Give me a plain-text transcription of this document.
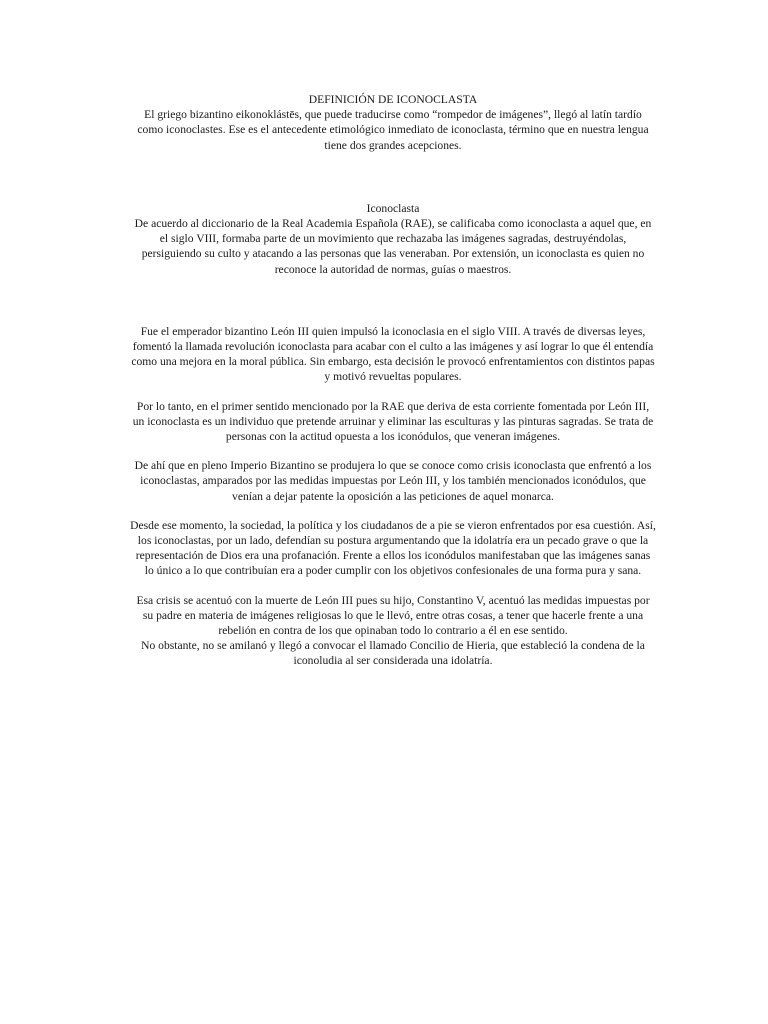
DEFINICIÓN DE ICONOCLASTA

El griego bizantino eikonoklástēs, que puede traducirse como “rompedor de imágenes”, llegó al latín tardío como iconoclastes. Ese es el antecedente etimológico inmediato de iconoclasta, término que en nuestra lengua tiene dos grandes acepciones.

Iconoclasta

De acuerdo al diccionario de la Real Academia Española (RAE), se calificaba como iconoclasta a aquel que, en el siglo VIII, formaba parte de un movimiento que rechazaba las imágenes sagradas, destruyéndolas, persiguiendo su culto y atacando a las personas que las veneraban. Por extensión, un iconoclasta es quien no reconoce la autoridad de normas, guías o maestros.

Fue el emperador bizantino León III quien impulsó la iconoclasia en el siglo VIII. A través de diversas leyes, fomentó la llamada revolución iconoclasta para acabar con el culto a las imágenes y así lograr lo que él entendía como una mejora en la moral pública. Sin embargo, esta decisión le provocó enfrentamientos con distintos papas y motivó revueltas populares.

Por lo tanto, en el primer sentido mencionado por la RAE que deriva de esta corriente fomentada por León III, un iconoclasta es un individuo que pretende arruinar y eliminar las esculturas y las pinturas sagradas. Se trata de personas con la actitud opuesta a los iconódulos, que veneran imágenes.

De ahí que en pleno Imperio Bizantino se produjera lo que se conoce como crisis iconoclasta que enfrentó a los iconoclastas, amparados por las medidas impuestas por León III, y los también mencionados iconódulos, que venían a dejar patente la oposición a las peticiones de aquel monarca.

Desde ese momento, la sociedad, la política y los ciudadanos de a pie se vieron enfrentados por esa cuestión. Así, los iconoclastas, por un lado, defendían su postura argumentando que la idolatría era un pecado grave o que la representación de Dios era una profanación. Frente a ellos los iconódulos manifestaban que las imágenes sanas lo único a lo que contribuían era a poder cumplir con los objetivos confesionales de una forma pura y sana.

Esa crisis se acentuó con la muerte de León III pues su hijo, Constantino V, acentuó las medidas impuestas por su padre en materia de imágenes religiosas lo que le llevó, entre otras cosas, a tener que hacerle frente a una rebelión en contra de los que opinaban todo lo contrario a él en ese sentido.

No obstante, no se amilanó y llegó a convocar el llamado Concilio de Hieria, que estableció la condena de la iconoludia al ser considerada una idolatría.
